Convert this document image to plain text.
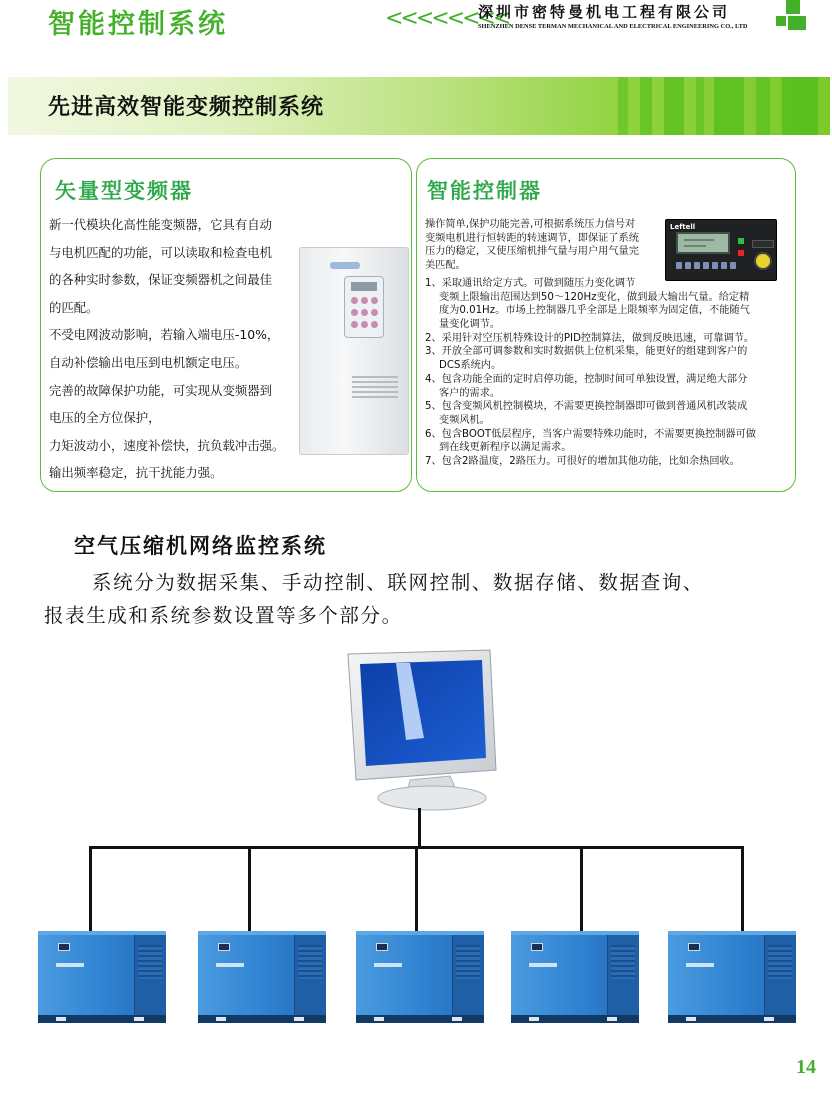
智能控制系统	<<<<<<<<
深圳市密特曼机电工程有限公司
SHENZHEN DENSE TERMAN MECHANICAL AND ELECTRICAL ENGINEERING CO., LTD
先进高效智能变频控制系统
矢量型变频器
新一代模块化高性能变频器，它具有自动
与电机匹配的功能，可以读取和检查电机
的各种实时参数，保证变频器机之间最佳
的匹配。
不受电网波动影响，若输入端电压-10%，
自动补偿输出电压到电机额定电压。
完善的故障保护功能，可实现从变频器到
电压的全方位保护，
力矩波动小，速度补偿快，抗负载冲击强。
输出频率稳定，抗干扰能力强。
智能控制器
操作简单,保护功能完善,可根据系统压力信号对
变频电机进行恒转距的转速调节，即保证了系统
压力的稳定，又使压缩机排气量与用户用气量完
美匹配。
Leftell
1、采取通讯给定方式。可做到随压力变化调节
变频上限输出范围达到50～120Hz变化，做到最大输出气量。给定精
度为0.01Hz。市场上控制器几乎全部是上限频率为固定值，不能随气
量变化调节。
2、采用针对空压机特殊设计的PID控制算法，做到反映迅速，可靠调节。
3、开放全部可调参数和实时数据供上位机采集，能更好的组建到客户的
DCS系统内。
4、包含功能全面的定时启停功能，控制时间可单独设置，满足绝大部分
客户的需求。
5、包含变频风机控制模块，不需要更换控制器即可做到普通风机改装成
变频风机。
6、包含BOOT低层程序，当客户需要特殊功能时，不需要更换控制器可做
到在线更新程序以满足需求。
7、包含2路温度，2路压力。可很好的增加其他功能，比如余热回收。
空气压缩机网络监控系统
系统分为数据采集、手动控制、联网控制、数据存储、数据查询、
报表生成和系统参数设置等多个部分。
14
